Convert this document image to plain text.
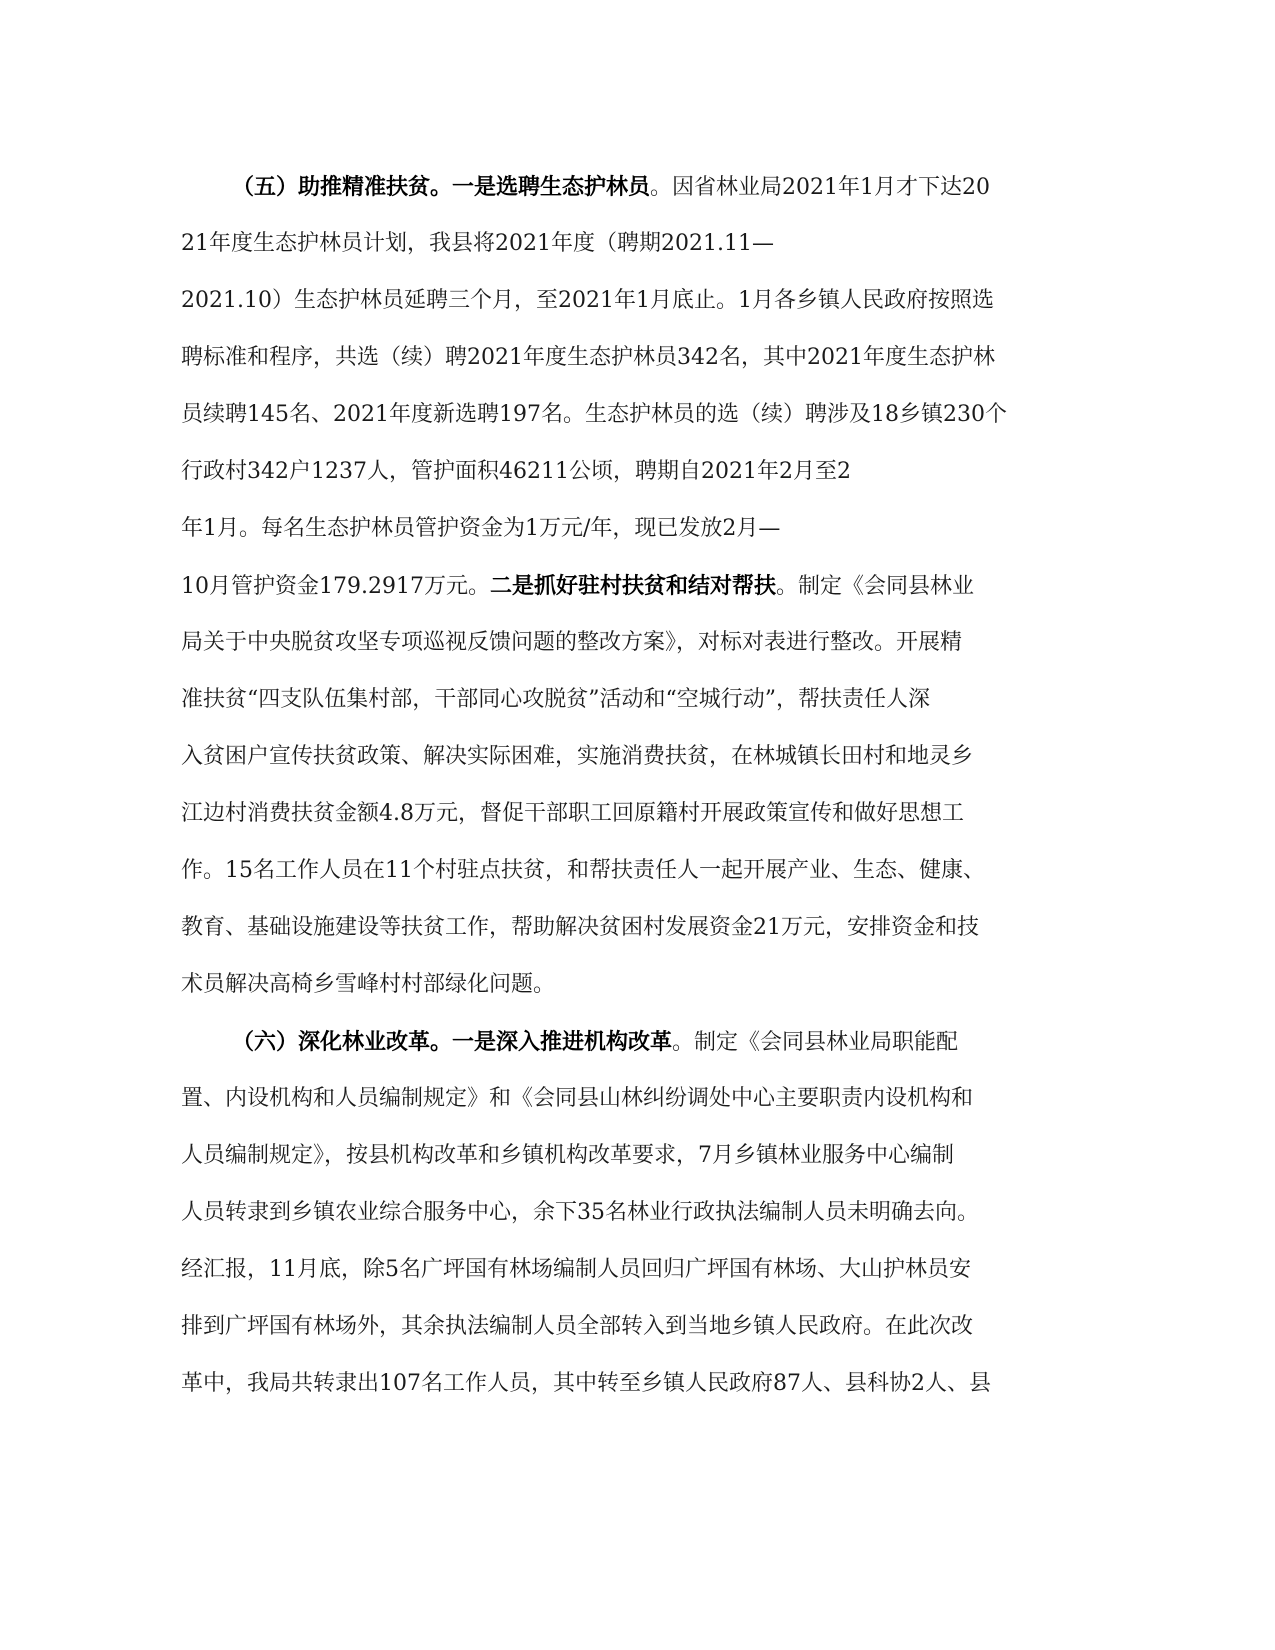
（五）助推精准扶贫。一是选聘生态护林员。因省林业局2021年1月才下达20
21年度生态护林员计划，我县将2021年度（聘期2021.11—
2021.10）生态护林员延聘三个月，至2021年1月底止。1月各乡镇人民政府按照选
聘标准和程序，共选（续）聘2021年度生态护林员342名，其中2021年度生态护林
员续聘145名、2021年度新选聘197名。生态护林员的选（续）聘涉及18乡镇230个
行政村342户1237人，管护面积46211公顷，聘期自2021年2月至2
年1月。每名生态护林员管护资金为1万元/年，现已发放2月—
10月管护资金179.2917万元。二是抓好驻村扶贫和结对帮扶。制定《会同县林业
局关于中央脱贫攻坚专项巡视反馈问题的整改方案》，对标对表进行整改。开展精
准扶贫“四支队伍集村部，干部同心攻脱贫”活动和“空城行动”，帮扶责任人深
入贫困户宣传扶贫政策、解决实际困难，实施消费扶贫，在林城镇长田村和地灵乡
江边村消费扶贫金额4.8万元，督促干部职工回原籍村开展政策宣传和做好思想工
作。15名工作人员在11个村驻点扶贫，和帮扶责任人一起开展产业、生态、健康、
教育、基础设施建设等扶贫工作，帮助解决贫困村发展资金21万元，安排资金和技
术员解决高椅乡雪峰村村部绿化问题。
（六）深化林业改革。一是深入推进机构改革。制定《会同县林业局职能配
置、内设机构和人员编制规定》和《会同县山林纠纷调处中心主要职责内设机构和
人员编制规定》，按县机构改革和乡镇机构改革要求，7月乡镇林业服务中心编制
人员转隶到乡镇农业综合服务中心，余下35名林业行政执法编制人员未明确去向。
经汇报，11月底，除5名广坪国有林场编制人员回归广坪国有林场、大山护林员安
排到广坪国有林场外，其余执法编制人员全部转入到当地乡镇人民政府。在此次改
革中，我局共转隶出107名工作人员，其中转至乡镇人民政府87人、县科协2人、县
